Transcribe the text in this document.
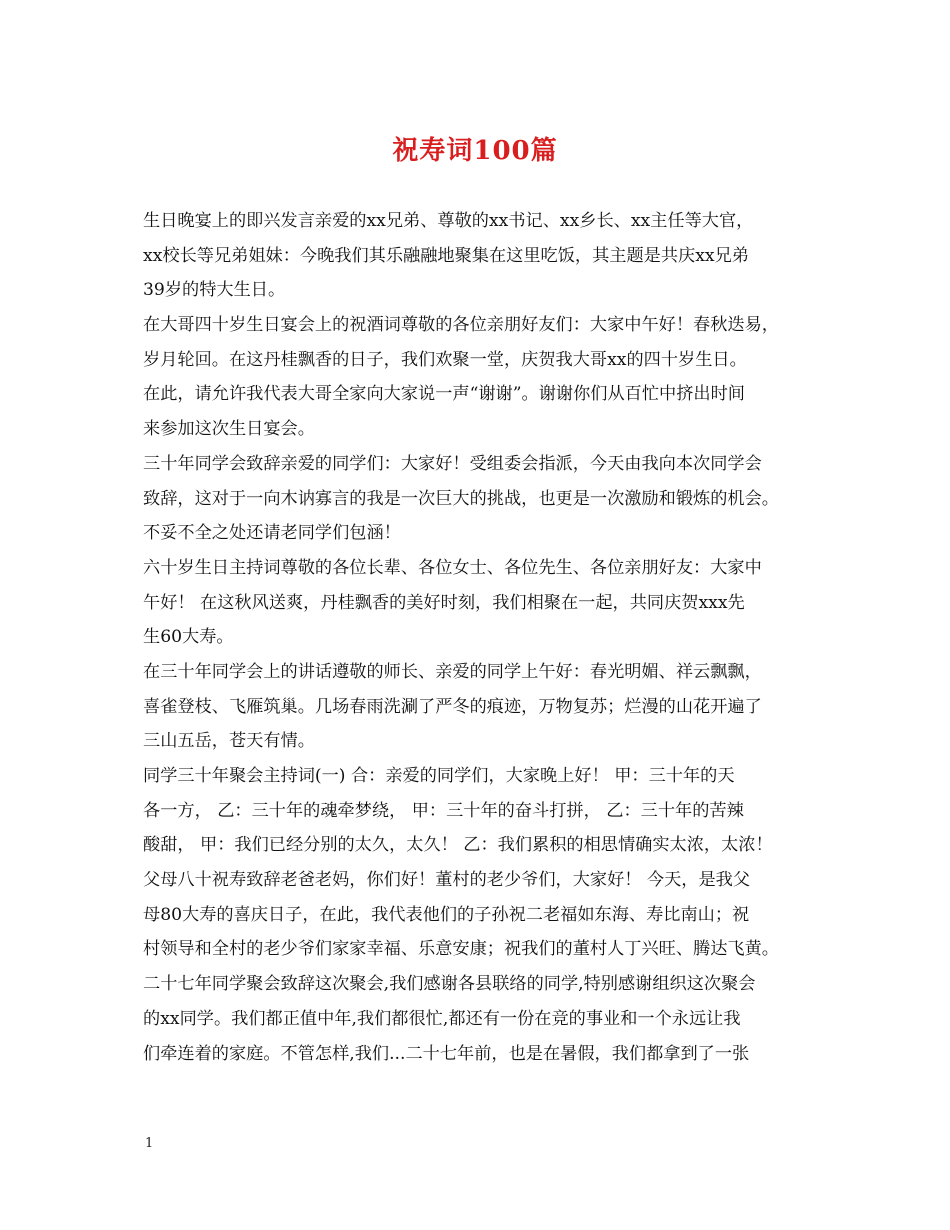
祝寿词100篇
生日晚宴上的即兴发言亲爱的xx兄弟、尊敬的xx书记、xx乡长、xx主任等大官，
xx校长等兄弟姐妹：今晚我们其乐融融地聚集在这里吃饭，其主题是共庆xx兄弟
39岁的特大生日。
在大哥四十岁生日宴会上的祝酒词尊敬的各位亲朋好友们：大家中午好！春秋迭易，
岁月轮回。在这丹桂飘香的日子，我们欢聚一堂，庆贺我大哥xx的四十岁生日。
在此，请允许我代表大哥全家向大家说一声“谢谢”。谢谢你们从百忙中挤出时间
来参加这次生日宴会。
三十年同学会致辞亲爱的同学们：大家好！受组委会指派，今天由我向本次同学会
致辞，这对于一向木讷寡言的我是一次巨大的挑战，也更是一次激励和锻炼的机会。
不妥不全之处还请老同学们包涵！
六十岁生日主持词尊敬的各位长辈、各位女士、各位先生、各位亲朋好友：大家中
午好！ 在这秋风送爽，丹桂飘香的美好时刻，我们相聚在一起，共同庆贺xxx先
生60大寿。
在三十年同学会上的讲话遵敬的师长、亲爱的同学上午好：春光明媚、祥云飘飘，
喜雀登枝、飞雁筑巢。几场春雨洗涮了严冬的痕迹，万物复苏；烂漫的山花开遍了
三山五岳，苍天有情。
同学三十年聚会主持词(一) 合：亲爱的同学们，大家晚上好！ 甲：三十年的天
各一方， 乙：三十年的魂牵梦绕， 甲：三十年的奋斗打拼， 乙：三十年的苦辣
酸甜， 甲：我们已经分别的太久，太久！ 乙：我们累积的相思情确实太浓，太浓！
父母八十祝寿致辞老爸老妈，你们好！董村的老少爷们，大家好！ 今天，是我父
母80大寿的喜庆日子，在此，我代表他们的子孙祝二老福如东海、寿比南山；祝
村领导和全村的老少爷们家家幸福、乐意安康；祝我们的董村人丁兴旺、腾达飞黄。
二十七年同学聚会致辞这次聚会,我们感谢各县联络的同学,特别感谢组织这次聚会
的xx同学。我们都正值中年,我们都很忙,都还有一份在竞的事业和一个永远让我
们牵连着的家庭。不管怎样,我们...二十七年前，也是在暑假，我们都拿到了一张
1
